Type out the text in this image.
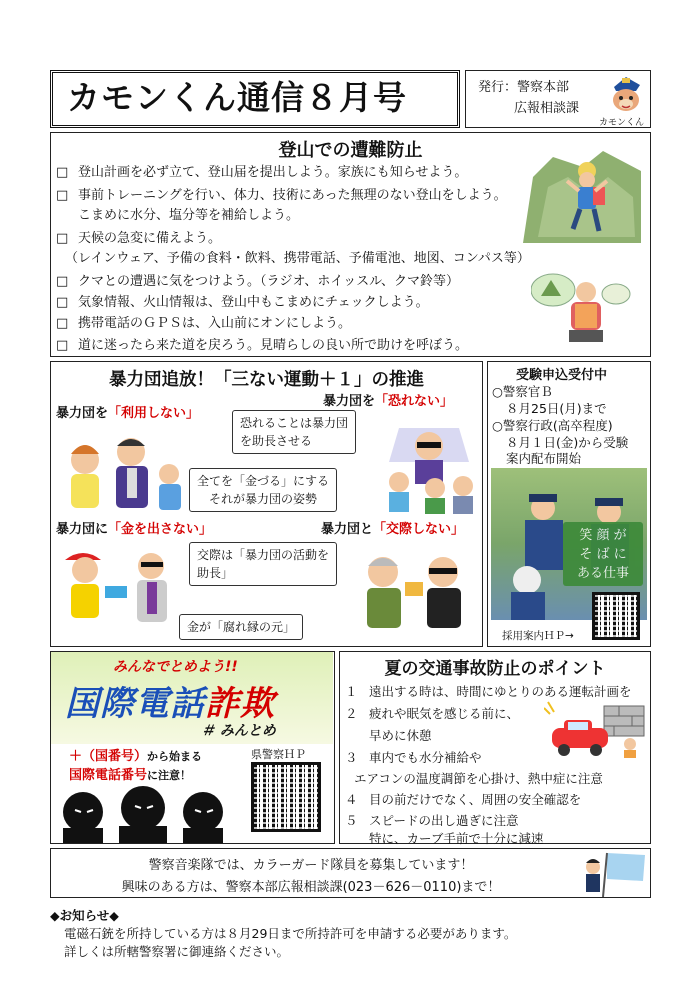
カモンくん通信８月号	発行：警察本部
広報相談課
カモンくん
登山での遭難防止
□ 登山計画を必ず立て、登山届を提出しよう。家族にも知らせよう。
□ 事前トレーニングを行い、体力、技術にあった無理のない登山をしよう。
こまめに水分、塩分等を補給しよう。
□ 天候の急変に備えよう。
（レインウェア、予備の食料・飲料、携帯電話、予備電池、地図、コンパス等）
□ クマとの遭遇に気をつけよう。（ラジオ、ホイッスル、クマ鈴等）
□ 気象情報、火山情報は、登山中もこまめにチェックしよう。
□ 携帯電話のＧＰＳは、入山前にオンにしよう。
□ 道に迷ったら来た道を戻ろう。見晴らしの良い所で助けを呼ぼう。
暴力団追放！「三ない運動＋１」の推進
暴力団を「利用しない」
暴力団を「恐れない」
暴力団に「金を出さない」	暴力団と「交際しない」
恐れることは暴力団
を助長させる
全てを「金づる」にする
それが暴力団の姿勢
交際は「暴力団の活動を
助長」
金が「腐れ縁の元」
受験申込受付中
○警察官Ｂ
８月25日(月)まで
○警察行政(高卒程度)
８月１日(金)から受験
案内配布開始
笑 顔 が
そ ば に
ある仕事
採用案内ＨＰ→
みんなでとめよう!!
国際電話詐欺
＃ みんとめ
＋（国番号）から始まる
国際電話番号に注意！
県警察ＨＰ
夏の交通事故防止のポイント
１ 遠出する時は、時間にゆとりのある運転計画を
２ 疲れや眠気を感じる前に、
早めに休憩
３ 車内でも水分補給や
エアコンの温度調節を心掛け、熱中症に注意
４ 目の前だけでなく、周囲の安全確認を
５ スピードの出し過ぎに注意
特に、カーブ手前で十分に減速
警察音楽隊では、カラーガード隊員を募集しています！
興味のある方は、警察本部広報相談課(023－626－0110)まで！
◆お知らせ◆
電磁石銃を所持している方は８月29日まで所持許可を申請する必要があります。
詳しくは所轄警察署に御連絡ください。
